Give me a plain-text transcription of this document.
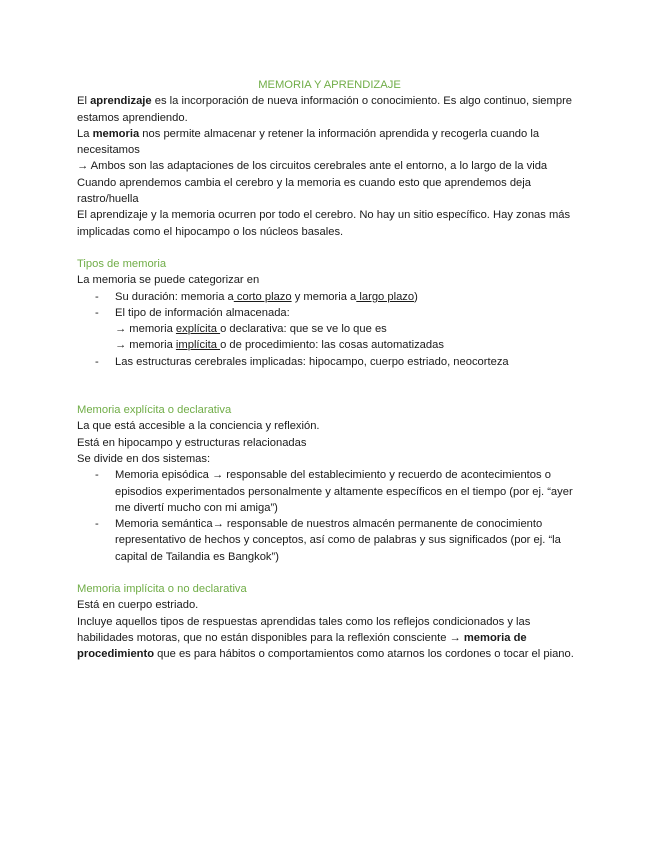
MEMORIA Y APRENDIZAJE

El aprendizaje es la incorporación de nueva información o conocimiento. Es algo continuo, siempre estamos aprendiendo.

La memoria nos permite almacenar y retener la información aprendida y recogerla cuando la necesitamos

→ Ambos son las adaptaciones de los circuitos cerebrales ante el entorno, a lo largo de la vida

Cuando aprendemos cambia el cerebro y la memoria es cuando esto que aprendemos deja rastro/huella

El aprendizaje y la memoria ocurren por todo el cerebro. No hay un sitio específico. Hay zonas más implicadas como el hipocampo o los núcleos basales.

Tipos de memoria

La memoria se puede categorizar en

- Su duración: memoria a corto plazo y memoria a largo plazo)
- El tipo de información almacenada:

→ memoria explícita o declarativa: que se ve lo que es

→ memoria implícita o de procedimiento: las cosas automatizadas

- Las estructuras cerebrales implicadas: hipocampo, cuerpo estriado, neocorteza
Memoria explícita o declarativa

La que está accesible a la conciencia y reflexión.

Está en hipocampo y estructuras relacionadas

Se divide en dos sistemas:

- Memoria episódica → responsable del establecimiento y recuerdo de acontecimientos o episodios experimentados personalmente y altamente específicos en el tiempo (por ej. “ayer me divertí mucho con mi amiga”)
- Memoria semántica→ responsable de nuestros almacén permanente de conocimiento representativo de hechos y conceptos, así como de palabras y sus significados (por ej. “la capital de Tailandia es Bangkok”)
Memoria implícita o no declarativa

Está en cuerpo estriado.

Incluye aquellos tipos de respuestas aprendidas tales como los reflejos condicionados y las habilidades motoras, que no están disponibles para la reflexión consciente → memoria de procedimiento que es para hábitos o comportamientos como atarnos los cordones o tocar el piano.
